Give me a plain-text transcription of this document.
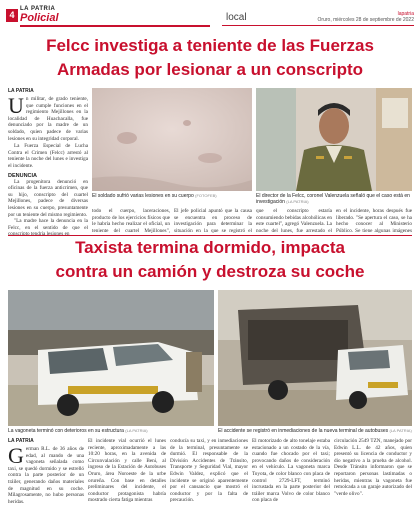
4
LA PATRIA
Policial	local	lapatria
Oruro, miércoles 28 de septiembre de 2022
Felcc investiga a teniente de las Fuerzas
Armadas por lesionar a un conscripto
LA PATRIA
Un militar, de grado teniente, que cumple funciones en el regimiento Mejillones en la localidad de Huachacalla, fue denunciado por la madre de un soldado, quien padece de varias lesiones en su integridad corporal.
La Fuerza Especial de Lucha Contra el Crimen (Felcc) arrestó al teniente la noche del lunes e investiga el incidente.
DENUNCIA
La progenitora denunció en oficinas de la fuerza anticrimen, que su hijo, conscripto del cuartel Mejillones, padece de diversas lesiones en su cuerpo, presuntamente por un teniente del mismo regimiento.
"La madre hace la denuncia en la Felcc, en el sentido de que el
El soldado sufrió varias lesiones en su cuerpo (FOTOFEB)	El director de la Felcc, coronel Valenzuela señaló que el caso está en investigación (LA PATRIA)
todo el cuerpo, laceraciones, producto de los ejercicios físicos que le habría hecho realizar el oficial, un teniente del cuartel Mejillones",
El jefe policial apuntó que la causa se encuentra en proceso de investigación para determinar la situación en la que se registró el
que el conscripto estaría consumiendo bebidas alcohólicas en este cuartel", agregó Valenzuela. La noche del lunes, fue arrestado el
en el incidente, horas después fue liberado. "Se apertura el caso, se ha hecho conocer al Ministerio Público. Se tiene algunas imágenes
Taxista termina dormido, impacta
contra un camión y destroza su coche
La vagoneta terminó con deterioros en su estructura (LA PATRIA)	El accidente se registró en inmediaciones de la nueva terminal de autobuses (LA PATRIA)
LA PATRIA
German R.L. de 36 años de edad, al mando de una vagoneta señalada como taxi, se quedó dormido y se estrelló contra la parte posterior de un tráiler, generando daños materiales de magnitud en su coche. Milagrosamente, no hubo personas heridas.
El incidente vial ocurrió el lunes reciente, aproximadamente a las 10:20 horas, en la avenida de Circunvalación y calle Beni, al ingreso de la Estación de Autobuses Oruro, área Noroeste de la urbe orureña. Con base en detalles preliminares del incidente, el conductor protagonista habría mostrado cierta fatiga mientras
conducía su taxi, y en inmediaciones de la terminal, presuntamente se durmió. El responsable de la División Accidentes de Tránsito, Transporte y Seguridad Vial, mayor Edwin Valdez, explicó que el incidente se originó aparentemente por el cansancio que mostró el conductor y por la falta de precaución.
El motorizado de alto tonelaje estaba estacionado a un costado de la vía, cuando fue chocado por el taxi; provocando daños de consideración en el vehículo. La vagoneta marca Toyota, de color blanco con placa de control 2729-LFT, terminó incrustada en la parte posterior del tráiler marca Volvo de color blanco con placa de
circulación 2549 TZN, manejado por Edwin L.L. de 42 años, quien presentó su licencia de conductor y dio negativo a la prueba de alcohol. Desde Tránsito informaron que se reportaron personas lastimadas o heridas, mientras la vagoneta fue remolcada a un garaje autorizado del "verde olivo".
